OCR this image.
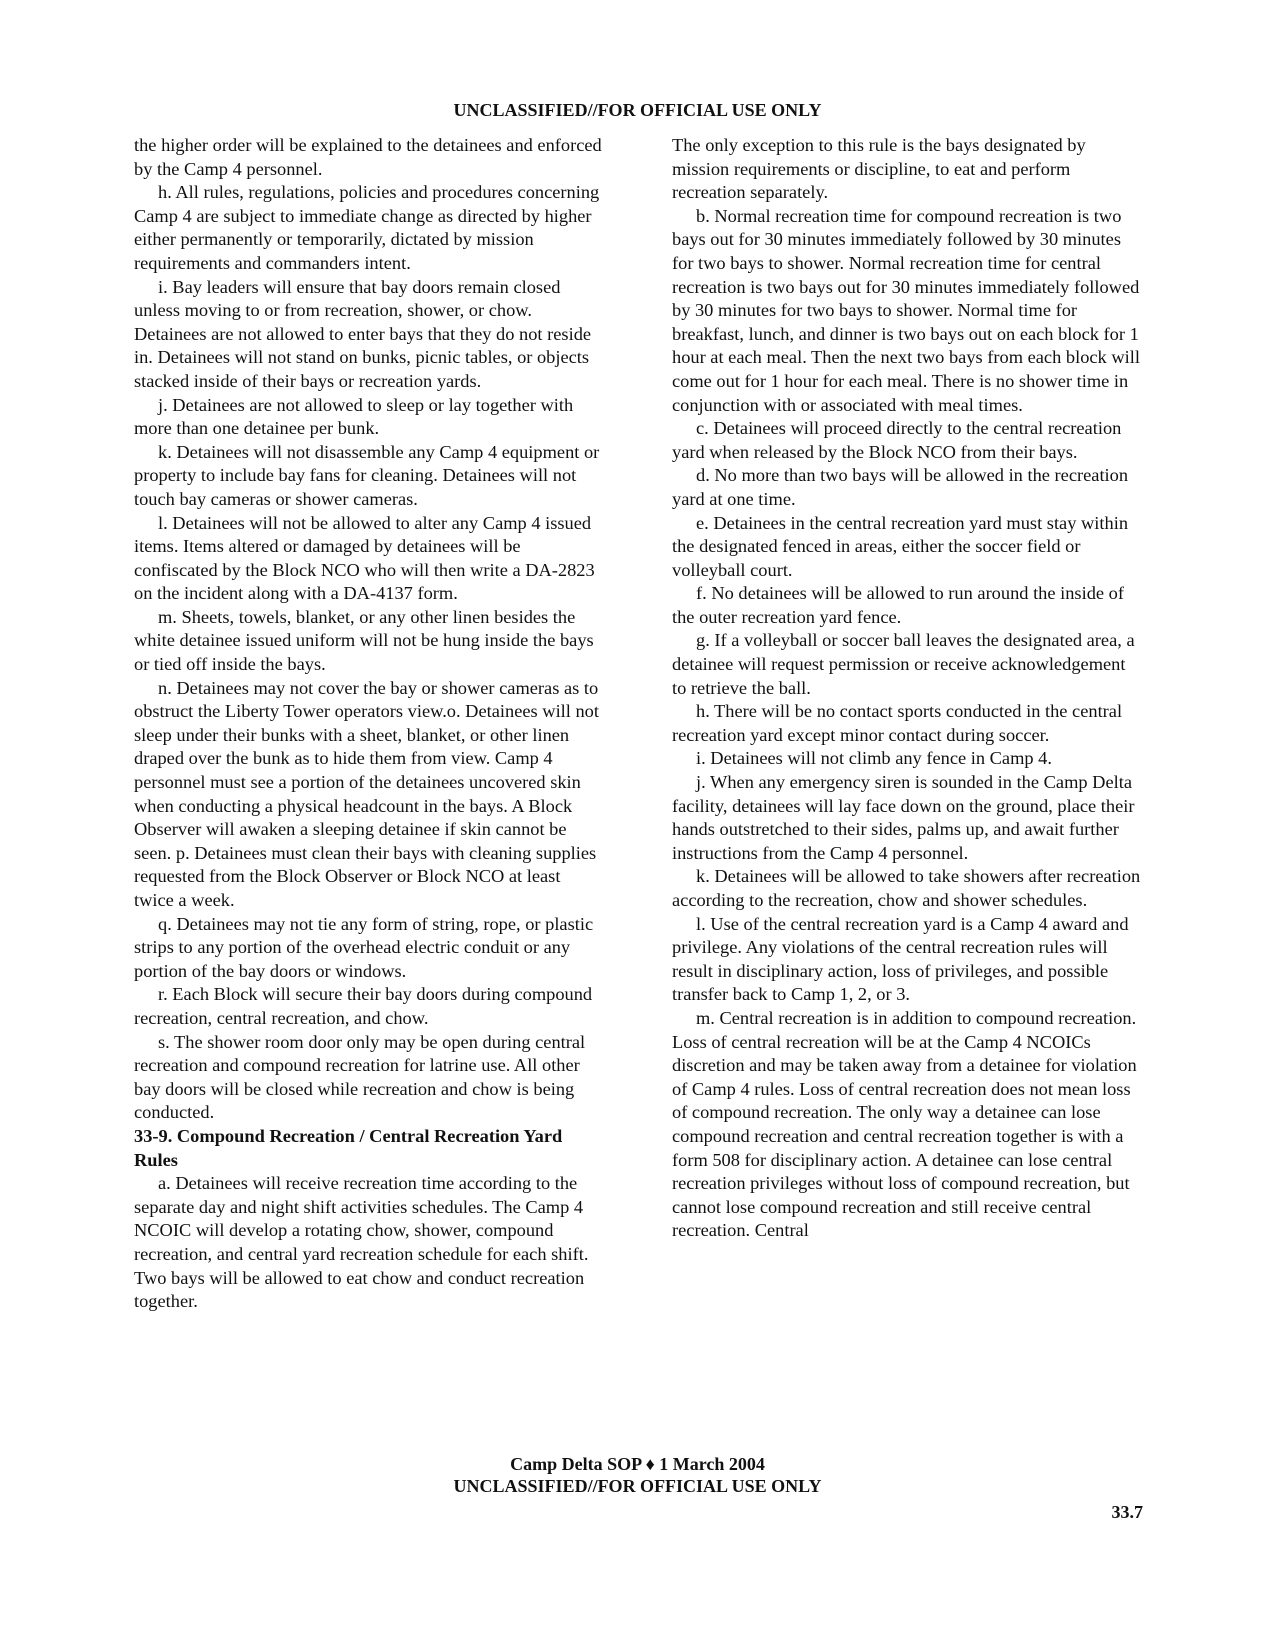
UNCLASSIFIED//FOR OFFICIAL USE ONLY

the higher order will be explained to the detainees and enforced by the Camp 4 personnel.

h. All rules, regulations, policies and procedures concerning Camp 4 are subject to immediate change as directed by higher either permanently or temporarily, dictated by mission requirements and commanders intent.

i. Bay leaders will ensure that bay doors remain closed unless moving to or from recreation, shower, or chow. Detainees are not allowed to enter bays that they do not reside in. Detainees will not stand on bunks, picnic tables, or objects stacked inside of their bays or recreation yards.

j. Detainees are not allowed to sleep or lay together with more than one detainee per bunk.

k. Detainees will not disassemble any Camp 4 equipment or property to include bay fans for cleaning. Detainees will not touch bay cameras or shower cameras.

l. Detainees will not be allowed to alter any Camp 4 issued items. Items altered or damaged by detainees will be confiscated by the Block NCO who will then write a DA-2823 on the incident along with a DA-4137 form.

m. Sheets, towels, blanket, or any other linen besides the white detainee issued uniform will not be hung inside the bays or tied off inside the bays.

n. Detainees may not cover the bay or shower cameras as to obstruct the Liberty Tower operators view.o. Detainees will not sleep under their bunks with a sheet, blanket, or other linen draped over the bunk as to hide them from view. Camp 4 personnel must see a portion of the detainees uncovered skin when conducting a physical headcount in the bays. A Block Observer will awaken a sleeping detainee if skin cannot be seen. p. Detainees must clean their bays with cleaning supplies requested from the Block Observer or Block NCO at least twice a week.

q. Detainees may not tie any form of string, rope, or plastic strips to any portion of the overhead electric conduit or any portion of the bay doors or windows.

r. Each Block will secure their bay doors during compound recreation, central recreation, and chow.

s. The shower room door only may be open during central recreation and compound recreation for latrine use. All other bay doors will be closed while recreation and chow is being conducted.

33-9. Compound Recreation / Central Recreation Yard Rules

a. Detainees will receive recreation time according to the separate day and night shift activities schedules. The Camp 4 NCOIC will develop a rotating chow, shower, compound recreation, and central yard recreation schedule for each shift. Two bays will be allowed to eat chow and conduct recreation together.

The only exception to this rule is the bays designated by mission requirements or discipline, to eat and perform recreation separately.

b. Normal recreation time for compound recreation is two bays out for 30 minutes immediately followed by 30 minutes for two bays to shower. Normal recreation time for central recreation is two bays out for 30 minutes immediately followed by 30 minutes for two bays to shower. Normal time for breakfast, lunch, and dinner is two bays out on each block for 1 hour at each meal. Then the next two bays from each block will come out for 1 hour for each meal. There is no shower time in conjunction with or associated with meal times.

c. Detainees will proceed directly to the central recreation yard when released by the Block NCO from their bays.

d. No more than two bays will be allowed in the recreation yard at one time.

e. Detainees in the central recreation yard must stay within the designated fenced in areas, either the soccer field or volleyball court.

f. No detainees will be allowed to run around the inside of the outer recreation yard fence.

g. If a volleyball or soccer ball leaves the designated area, a detainee will request permission or receive acknowledgement to retrieve the ball.

h. There will be no contact sports conducted in the central recreation yard except minor contact during soccer.

i. Detainees will not climb any fence in Camp 4.

j. When any emergency siren is sounded in the Camp Delta facility, detainees will lay face down on the ground, place their hands outstretched to their sides, palms up, and await further instructions from the Camp 4 personnel.

k. Detainees will be allowed to take showers after recreation according to the recreation, chow and shower schedules.

l. Use of the central recreation yard is a Camp 4 award and privilege. Any violations of the central recreation rules will result in disciplinary action, loss of privileges, and possible transfer back to Camp 1, 2, or 3.

m. Central recreation is in addition to compound recreation. Loss of central recreation will be at the Camp 4 NCOICs discretion and may be taken away from a detainee for violation of Camp 4 rules. Loss of central recreation does not mean loss of compound recreation. The only way a detainee can lose compound recreation and central recreation together is with a form 508 for disciplinary action. A detainee can lose central recreation privileges without loss of compound recreation, but cannot lose compound recreation and still receive central recreation. Central

Camp Delta SOP ♦ 1 March 2004
UNCLASSIFIED//FOR OFFICIAL USE ONLY
33.7
